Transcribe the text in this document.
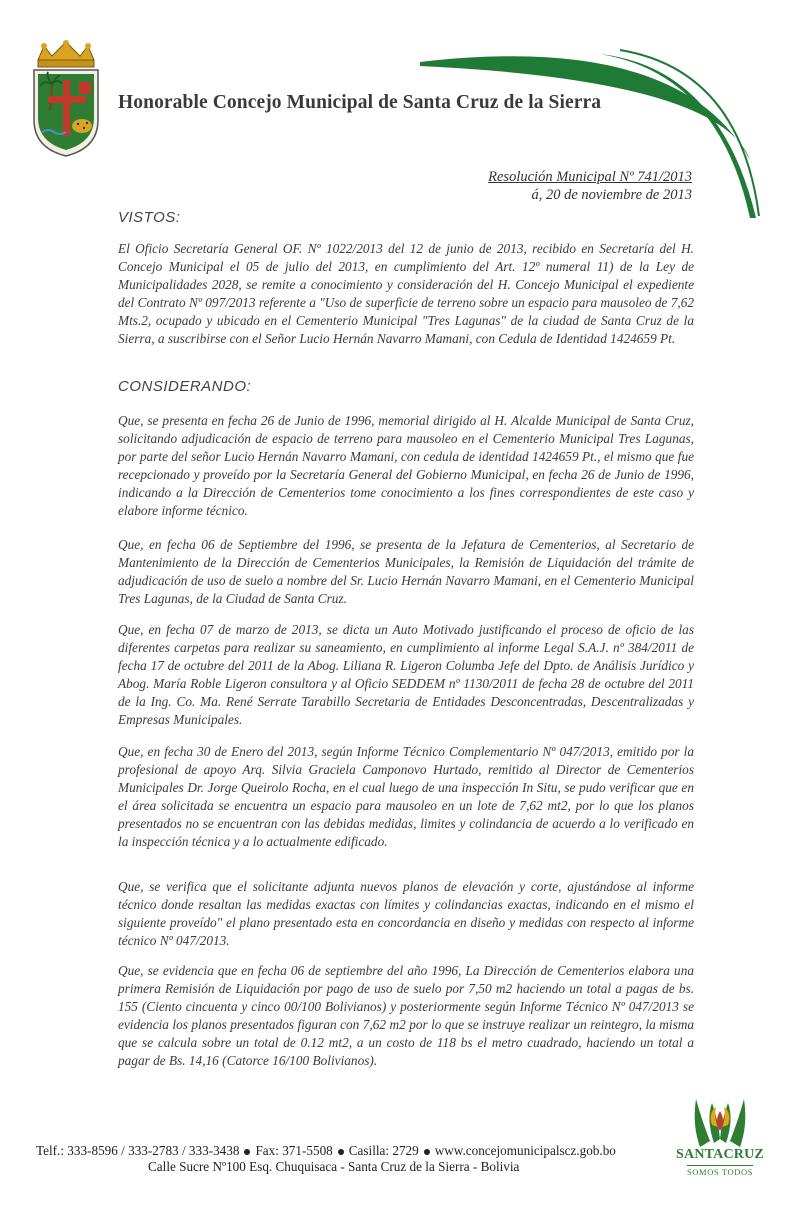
Honorable Concejo Municipal de Santa Cruz de la Sierra
Resolución Municipal Nº 741/2013
á, 20 de noviembre de 2013
VISTOS:

El Oficio Secretaría General OF. Nº 1022/2013 del 12 de junio de 2013, recibido en Secretaría del H. Concejo Municipal el 05 de julio del 2013, en cumplimiento del Art. 12º numeral 11) de la Ley de Municipalidades 2028, se remite a conocimiento y consideración del H. Concejo Municipal el expediente del Contrato Nº 097/2013 referente a "Uso de superficie de terreno sobre un espacio para mausoleo de 7,62 Mts.2, ocupado y ubicado en el Cementerio Municipal "Tres Lagunas" de la ciudad de Santa Cruz de la Sierra, a suscribirse con el Señor Lucio Hernán Navarro Mamani, con Cedula de Identidad 1424659 Pt.

CONSIDERANDO:

Que, se presenta en fecha 26 de Junio de 1996, memorial dirigido al H. Alcalde Municipal de Santa Cruz, solicitando adjudicación de espacio de terreno para mausoleo en el Cementerio Municipal Tres Lagunas, por parte del señor Lucio Hernán Navarro Mamani, con cedula de identidad 1424659 Pt., el mismo que fue recepcionado y proveído por la Secretaría General del Gobierno Municipal, en fecha 26 de Junio de 1996, indicando a la Dirección de Cementerios tome conocimiento a los fines correspondientes de este caso y elabore informe técnico.

Que, en fecha 06 de Septiembre del 1996, se presenta de la Jefatura de Cementerios, al Secretario de Mantenimiento de la Dirección de Cementerios Municipales, la Remisión de Liquidación del trámite de adjudicación de uso de suelo a nombre del Sr. Lucio Hernán Navarro Mamani, en el Cementerio Municipal Tres Lagunas, de la Ciudad de Santa Cruz.

Que, en fecha 07 de marzo de 2013, se dicta un Auto Motivado justificando el proceso de oficio de las diferentes carpetas para realizar su saneamiento, en cumplimiento al informe Legal S.A.J. nº 384/2011 de fecha 17 de octubre del 2011 de la Abog. Liliana R. Ligeron Columba Jefe del Dpto. de Análisis Jurídico y Abog. María Roble Ligeron consultora y al Oficio SEDDEM nº 1130/2011 de fecha 28 de octubre del 2011 de la Ing. Co. Ma. René Serrate Tarabillo Secretaria de Entidades Desconcentradas, Descentralizadas y Empresas Municipales.

Que, en fecha 30 de Enero del 2013, según Informe Técnico Complementario Nº 047/2013, emitido por la profesional de apoyo Arq. Silvia Graciela Camponovo Hurtado, remitido al Director de Cementerios Municipales Dr. Jorge Queirolo Rocha, en el cual luego de una inspección In Situ, se pudo verificar que en el área solicitada se encuentra un espacio para mausoleo en un lote de 7,62 mt2, por lo que los planos presentados no se encuentran con las debidas medidas, limites y colindancia de acuerdo a lo verificado en la inspección técnica y a lo actualmente edificado.

Que, se verifica que el solicitante adjunta nuevos planos de elevación y corte, ajustándose al informe técnico donde resaltan las medidas exactas con límites y colindancias exactas, indicando en el mismo el siguiente proveído" el plano presentado esta en concordancia en diseño y medidas con respecto al informe técnico Nº 047/2013.

Que, se evidencia que en fecha 06 de septiembre del año 1996, La Dirección de Cementerios elabora una primera Remisión de Liquidación por pago de uso de suelo por 7,50 m2 haciendo un total a pagas de bs. 155 (Ciento cincuenta y cinco 00/100 Bolivianos) y posteriormente según Informe Técnico Nº 047/2013 se evidencia los planos presentados figuran con 7,62 m2 por lo que se instruye realizar un reintegro, la misma que se calcula sobre un total de 0.12 mt2, a un costo de 118 bs el metro cuadrado, haciendo un total a pagar de Bs. 14,16 (Catorce 16/100 Bolivianos).

Telf.: 333-8596 / 333-2783 / 333-3438 Fax: 371-5508 Casilla: 2729 www.concejomunicipalscz.gob.bo
Calle Sucre Nº100 Esq. Chuquisaca - Santa Cruz de la Sierra - Bolivia
SANTACRUZ
SOMOS TODOS
